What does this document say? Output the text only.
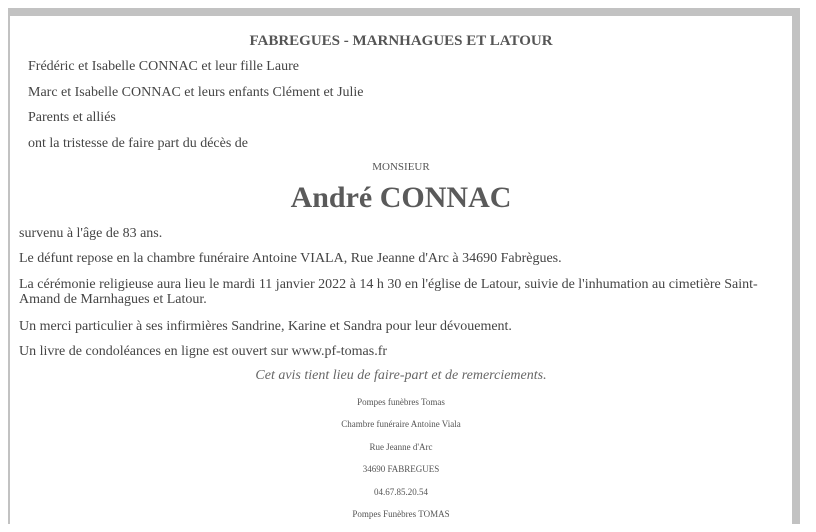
FABREGUES - MARNHAGUES ET LATOUR
Frédéric et Isabelle CONNAC et leur fille Laure
Marc et Isabelle CONNAC et leurs enfants Clément et Julie
Parents et alliés
ont la tristesse de faire part du décès de
MONSIEUR
André CONNAC
survenu à l'âge de 83 ans.
Le défunt repose en la chambre funéraire Antoine VIALA, Rue Jeanne d'Arc à 34690 Fabrègues.
La cérémonie religieuse aura lieu le mardi 11 janvier 2022 à 14 h 30 en l'église de Latour, suivie de l'inhumation au cimetière Saint-Amand de Marnhagues et Latour.
Un merci particulier à ses infirmières Sandrine, Karine et Sandra pour leur dévouement.
Un livre de condoléances en ligne est ouvert sur www.pf-tomas.fr
Cet avis tient lieu de faire-part et de remerciements.
Pompes funèbres Tomas
Chambre funéraire Antoine Viala
Rue Jeanne d'Arc
34690 FABREGUES
04.67.85.20.54
Pompes Funèbres TOMAS
